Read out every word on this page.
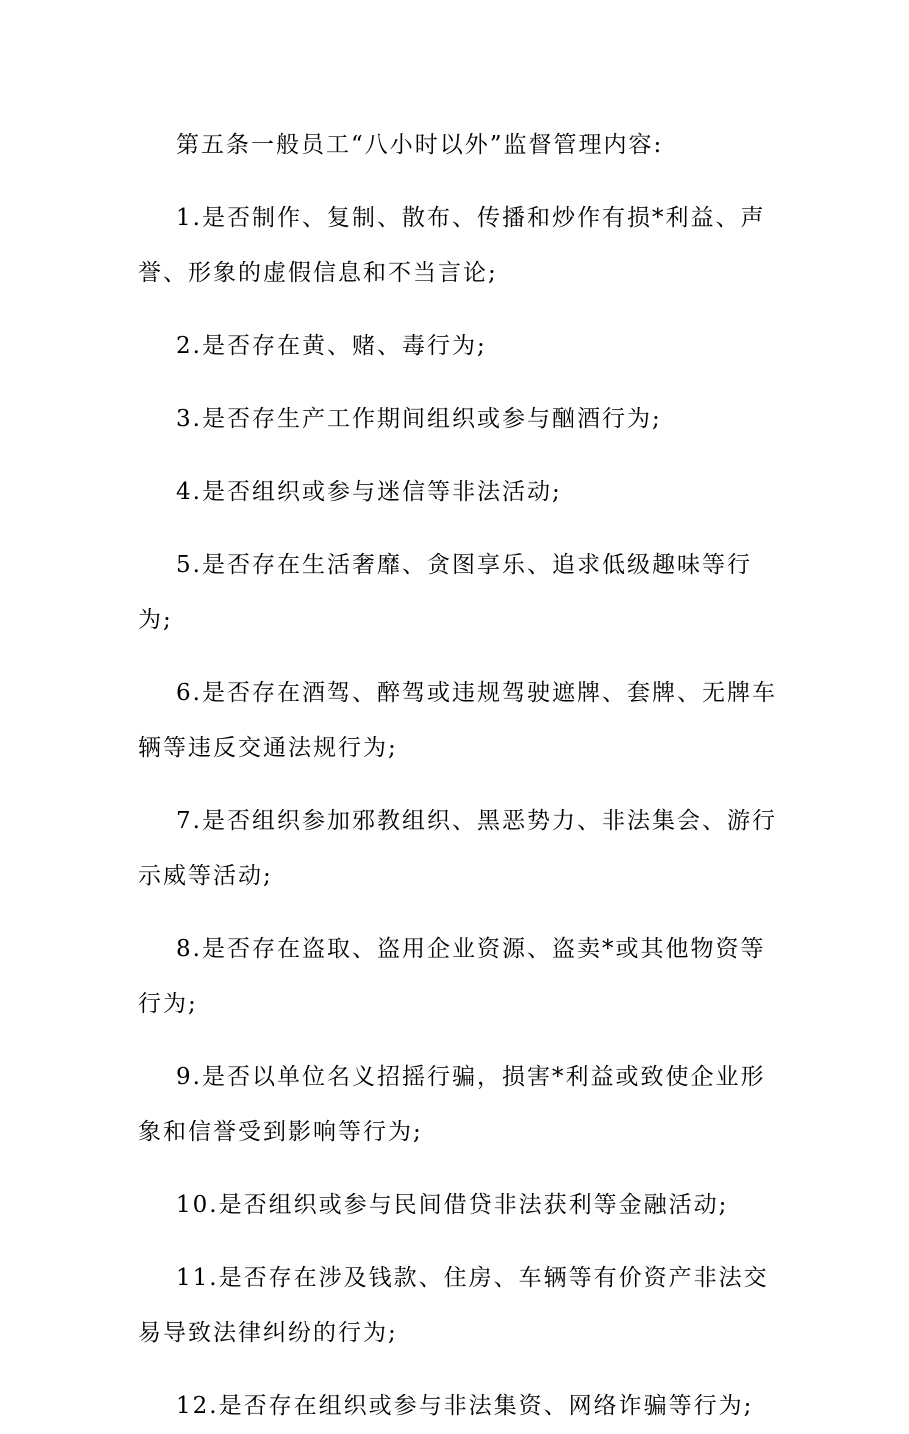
第五条一般员工“八小时以外”监督管理内容:

1.是否制作、复制、散布、传播和炒作有损*利益、声誉、形象的虚假信息和不当言论;

2.是否存在黄、赌、毒行为;

3.是否存生产工作期间组织或参与酗酒行为;

4.是否组织或参与迷信等非法活动;

5.是否存在生活奢靡、贪图享乐、追求低级趣味等行为;

6.是否存在酒驾、醉驾或违规驾驶遮牌、套牌、无牌车辆等违反交通法规行为;

7.是否组织参加邪教组织、黑恶势力、非法集会、游行示威等活动;

8.是否存在盗取、盗用企业资源、盗卖*或其他物资等行为;

9.是否以单位名义招摇行骗，损害*利益或致使企业形象和信誉受到影响等行为;

10.是否组织或参与民间借贷非法获利等金融活动;

11.是否存在涉及钱款、住房、车辆等有价资产非法交易导致法律纠纷的行为;

12.是否存在组织或参与非法集资、网络诈骗等行为;
